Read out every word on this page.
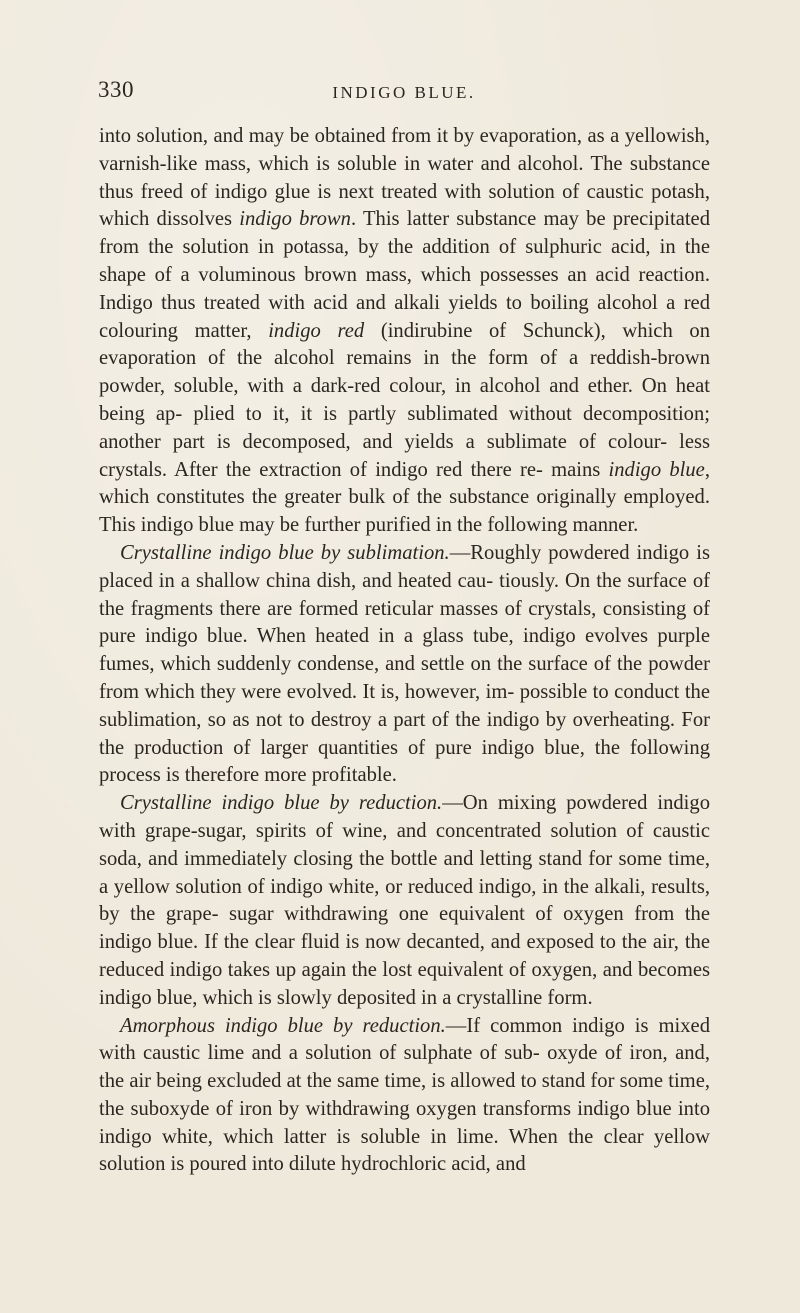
330	INDIGO BLUE.

into solution, and may be obtained from it by evaporation, as a yellowish, varnish-like mass, which is soluble in water and alcohol. The substance thus freed of indigo glue is next treated with solution of caustic potash, which dissolves indigo brown. This latter substance may be precipitated from the solution in potassa, by the addition of sulphuric acid, in the shape of a voluminous brown mass, which possesses an acid reaction. Indigo thus treated with acid and alkali yields to boiling alcohol a red colouring matter, indigo red (indirubine of Schunck), which on evaporation of the alcohol remains in the form of a reddish-brown powder, soluble, with a dark-red colour, in alcohol and ether. On heat being ap- plied to it, it is partly sublimated without decomposition; another part is decomposed, and yields a sublimate of colour- less crystals. After the extraction of indigo red there re- mains indigo blue, which constitutes the greater bulk of the substance originally employed. This indigo blue may be further purified in the following manner.

Crystalline indigo blue by sublimation.—Roughly powdered indigo is placed in a shallow china dish, and heated cau- tiously. On the surface of the fragments there are formed reticular masses of crystals, consisting of pure indigo blue. When heated in a glass tube, indigo evolves purple fumes, which suddenly condense, and settle on the surface of the powder from which they were evolved. It is, however, im- possible to conduct the sublimation, so as not to destroy a part of the indigo by overheating. For the production of larger quantities of pure indigo blue, the following process is therefore more profitable.

Crystalline indigo blue by reduction.—On mixing powdered indigo with grape-sugar, spirits of wine, and concentrated solution of caustic soda, and immediately closing the bottle and letting stand for some time, a yellow solution of indigo white, or reduced indigo, in the alkali, results, by the grape- sugar withdrawing one equivalent of oxygen from the indigo blue. If the clear fluid is now decanted, and exposed to the air, the reduced indigo takes up again the lost equivalent of oxygen, and becomes indigo blue, which is slowly deposited in a crystalline form.

Amorphous indigo blue by reduction.—If common indigo is mixed with caustic lime and a solution of sulphate of sub- oxyde of iron, and, the air being excluded at the same time, is allowed to stand for some time, the suboxyde of iron by withdrawing oxygen transforms indigo blue into indigo white, which latter is soluble in lime. When the clear yellow solution is poured into dilute hydrochloric acid, and
